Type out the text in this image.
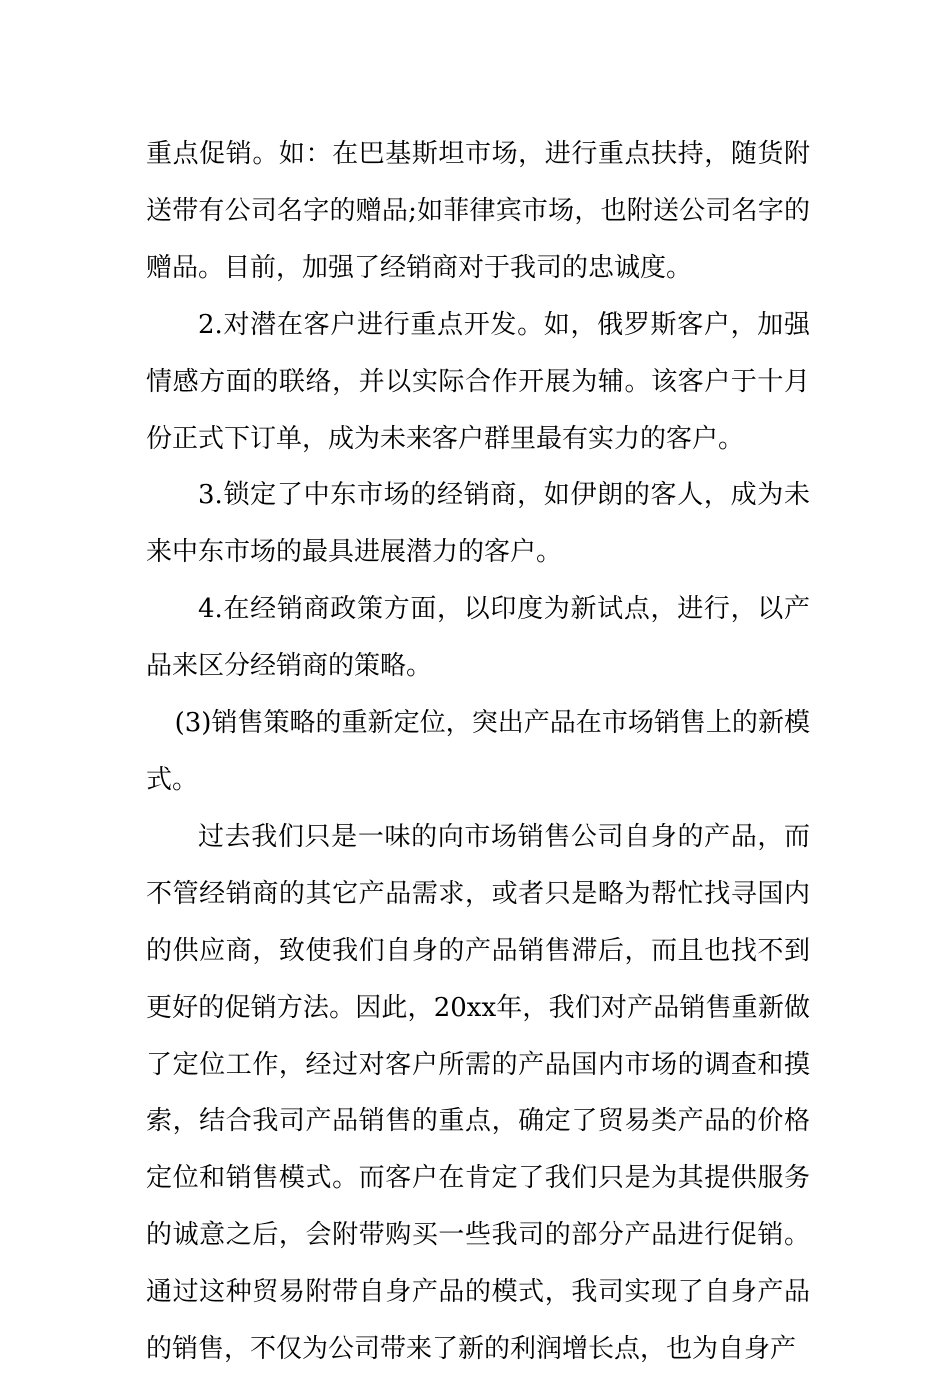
重点促销。如：在巴基斯坦市场，进行重点扶持，随货附送带有公司名字的赠品;如菲律宾市场，也附送公司名字的赠品。目前，加强了经销商对于我司的忠诚度。

2.对潜在客户进行重点开发。如，俄罗斯客户，加强情感方面的联络，并以实际合作开展为辅。该客户于十月份正式下订单，成为未来客户群里最有实力的客户。

3.锁定了中东市场的经销商，如伊朗的客人，成为未来中东市场的最具进展潜力的客户。

4.在经销商政策方面，以印度为新试点，进行，以产品来区分经销商的策略。

(3)销售策略的重新定位，突出产品在市场销售上的新模式。

过去我们只是一味的向市场销售公司自身的产品，而不管经销商的其它产品需求，或者只是略为帮忙找寻国内的供应商，致使我们自身的产品销售滞后，而且也找不到更好的促销方法。因此，20xx年，我们对产品销售重新做了定位工作，经过对客户所需的产品国内市场的调查和摸索，结合我司产品销售的重点，确定了贸易类产品的价格定位和销售模式。而客户在肯定了我们只是为其提供服务的诚意之后，会附带购买一些我司的部分产品进行促销。通过这种贸易附带自身产品的模式，我司实现了自身产品的销售，不仅为公司带来了新的利润增长点，也为自身产
